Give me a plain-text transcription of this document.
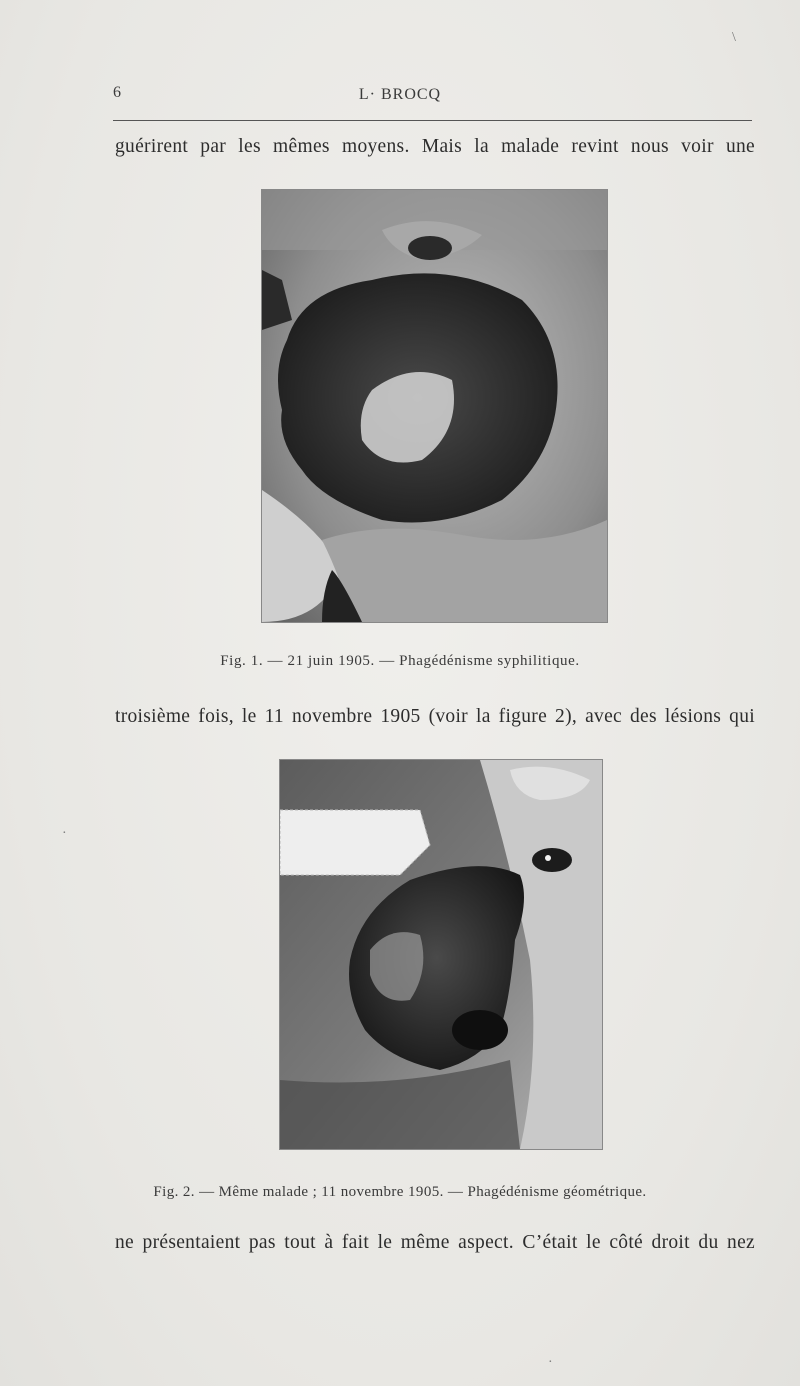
6	L· BROCQ
guérirent par les mêmes moyens. Mais la malade revint nous voir une
Fig. 1. — 21 juin 1905. — Phagédénisme syphilitique.
troisième fois, le 11 novembre 1905 (voir la figure 2), avec des lésions qui
Fig. 2. — Même malade ; 11 novembre 1905. — Phagédénisme géométrique.
ne présentaient pas tout à fait le même aspect. C’était le côté droit du nez
\
·
·
